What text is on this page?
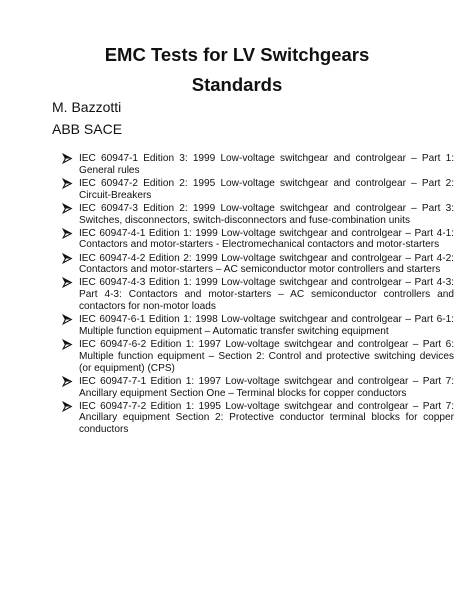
EMC Tests for LV Switchgears
Standards

M. Bazzotti

ABB SACE

IEC 60947-1 Edition 3: 1999 Low-voltage switchgear and controlgear – Part 1: General rules
IEC 60947-2 Edition 2: 1995 Low-voltage switchgear and controlgear – Part 2: Circuit-Breakers
IEC 60947-3 Edition 2: 1999 Low-voltage switchgear and controlgear – Part 3: Switches, disconnectors, switch-disconnectors and fuse-combination units
IEC 60947-4-1 Edition 1: 1999 Low-voltage switchgear and controlgear – Part 4-1: Contactors and motor-starters - Electromechanical contactors and motor-starters
IEC 60947-4-2 Edition 2: 1999 Low-voltage switchgear and controlgear – Part 4-2: Contactors and motor-starters – AC semiconductor motor controllers and starters
IEC 60947-4-3 Edition 1: 1999 Low-voltage switchgear and controlgear – Part 4-3: Part 4-3: Contactors and motor-starters – AC semiconductor controllers and contactors for non-motor loads
IEC 60947-6-1 Edition 1: 1998 Low-voltage switchgear and controlgear – Part 6-1: Multiple function equipment – Automatic transfer switching equipment
IEC 60947-6-2 Edition 1: 1997 Low-voltage switchgear and controlgear – Part 6: Multiple function equipment – Section 2: Control and protective switching devices (or equipment) (CPS)
IEC 60947-7-1 Edition 1: 1997 Low-voltage switchgear and controlgear – Part 7: Ancillary equipment Section One – Terminal blocks for copper conductors
IEC 60947-7-2 Edition 1: 1995 Low-voltage switchgear and controlgear – Part 7: Ancillary equipment Section 2: Protective conductor terminal blocks for copper conductors
